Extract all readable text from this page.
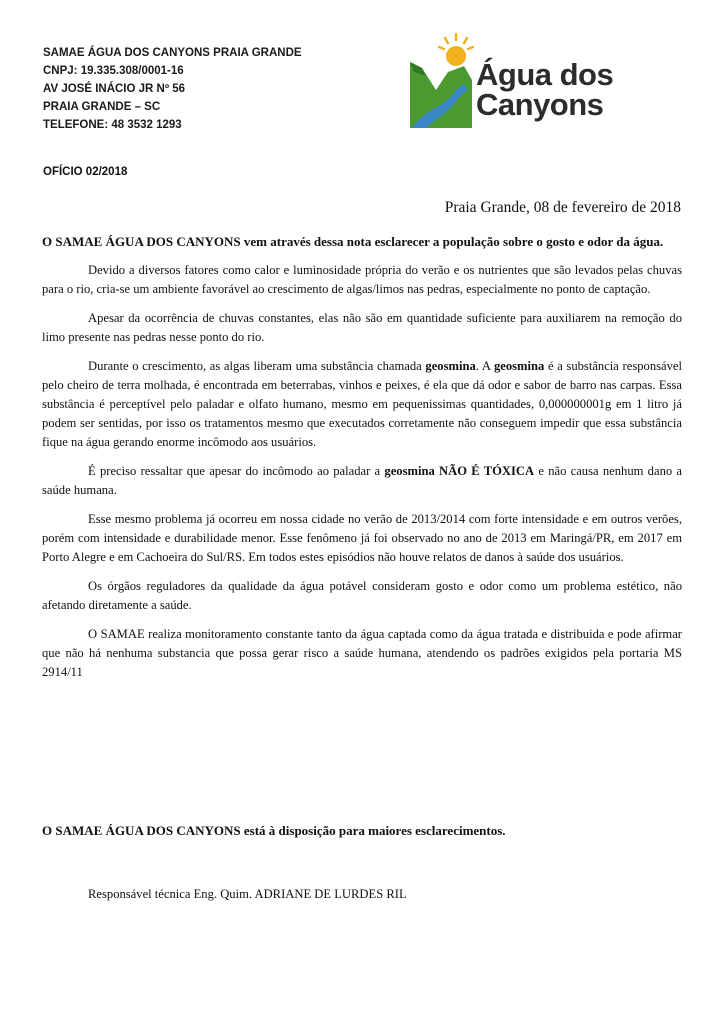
SAMAE ÁGUA DOS CANYONS PRAIA GRANDE
CNPJ: 19.335.308/0001-16
AV JOSÉ INÁCIO JR Nº 56
PRAIA GRANDE – SC
TELEFONE: 48 3532 1293
Água dos
Canyons
OFÍCIO 02/2018
Praia Grande, 08 de fevereiro de 2018

O SAMAE ÁGUA DOS CANYONS vem através dessa nota esclarecer a população sobre o gosto e odor da água.

Devido a diversos fatores como calor e luminosidade própria do verão e os nutrientes que são levados pelas chuvas para o rio, cria-se um ambiente favorável ao crescimento de algas/limos nas pedras, especialmente no ponto de captação.

Apesar da ocorrência de chuvas constantes, elas não são em quantidade suficiente para auxiliarem na remoção do limo presente nas pedras nesse ponto do rio.

Durante o crescimento, as algas liberam uma substância chamada geosmina. A geosmina é a substância responsável pelo cheiro de terra molhada, é encontrada em beterrabas, vinhos e peixes, é ela que dá odor e sabor de barro nas carpas. Essa substância é perceptível pelo paladar e olfato humano, mesmo em pequenissimas quantidades, 0,000000001g em 1 litro já podem ser sentidas, por isso os tratamentos mesmo que executados corretamente não conseguem impedir que essa substância fique na água gerando enorme incômodo aos usuários.

É preciso ressaltar que apesar do incômodo ao paladar a geosmina NÃO É TÓXICA e não causa nenhum dano a saúde humana.

Esse mesmo problema já ocorreu em nossa cidade no verão de 2013/2014 com forte intensidade e em outros verões, porém com intensidade e durabilidade menor. Esse fenômeno já foi observado no ano de 2013 em Maringá/PR, em 2017 em Porto Alegre e em Cachoeira do Sul/RS. Em todos estes episódios não houve relatos de danos à saúde dos usuários.

Os órgãos reguladores da qualidade da água potável consideram gosto e odor como um problema estético, não afetando diretamente a saúde.

O SAMAE realiza monitoramento constante tanto da água captada como da água tratada e distribuida e pode afirmar que não há nenhuma substancia que possa gerar risco a saúde humana, atendendo os padrões exigidos pela portaria MS 2914/11

O SAMAE ÁGUA DOS CANYONS está à disposição para maiores esclarecimentos.
Responsável técnica Eng. Quim. ADRIANE DE LURDES RIL
